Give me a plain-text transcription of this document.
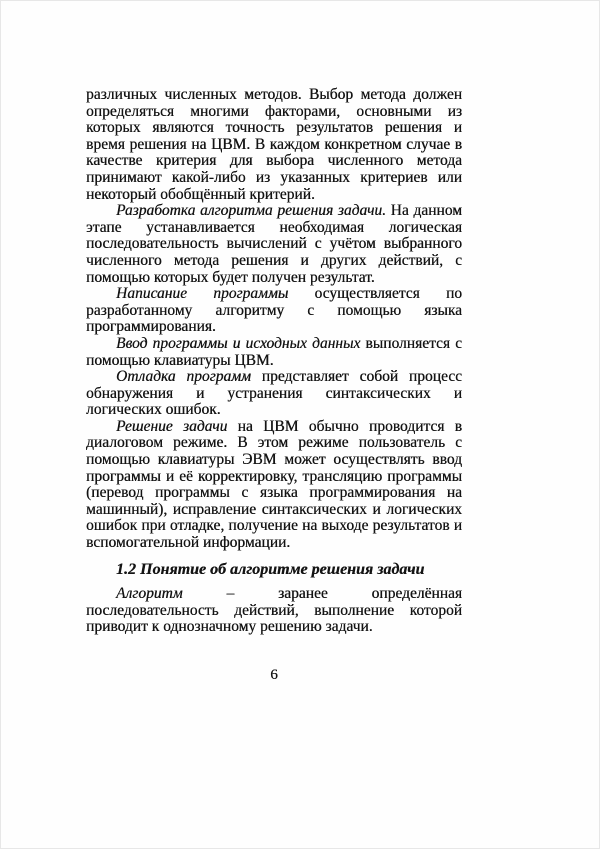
различных численных методов. Выбор метода должен определяться многими факторами, основными из которых являются точность результатов решения и время решения на ЦВМ. В каждом конкретном случае в качестве критерия для выбора численного метода принимают какой-либо из указанных критериев или некоторый обобщённый критерий.

Разработка алгоритма решения задачи. На данном этапе устанавливается необходимая логическая последовательность вычислений с учётом выбранного численного метода решения и других действий, с помощью которых будет получен результат.

Написание программы осуществляется по разработанному алгоритму с помощью языка программирования.

Ввод программы и исходных данных выполняется с помощью клавиатуры ЦВМ.

Отладка программ представляет собой процесс обнаружения и устранения синтаксических и логических ошибок.

Решение задачи на ЦВМ обычно проводится в диалоговом режиме. В этом режиме пользователь с помощью клавиатуры ЭВМ может осуществлять ввод программы и её корректировку, трансляцию программы (перевод программы с языка программирования на машинный), исправление синтаксических и логических ошибок при отладке, получение на выходе результатов и вспомогательной информации.

1.2 Понятие об алгоритме решения задачи

Алгоритм – заранее определённая последовательность действий, выполнение которой приводит к однозначному решению задачи.

6
